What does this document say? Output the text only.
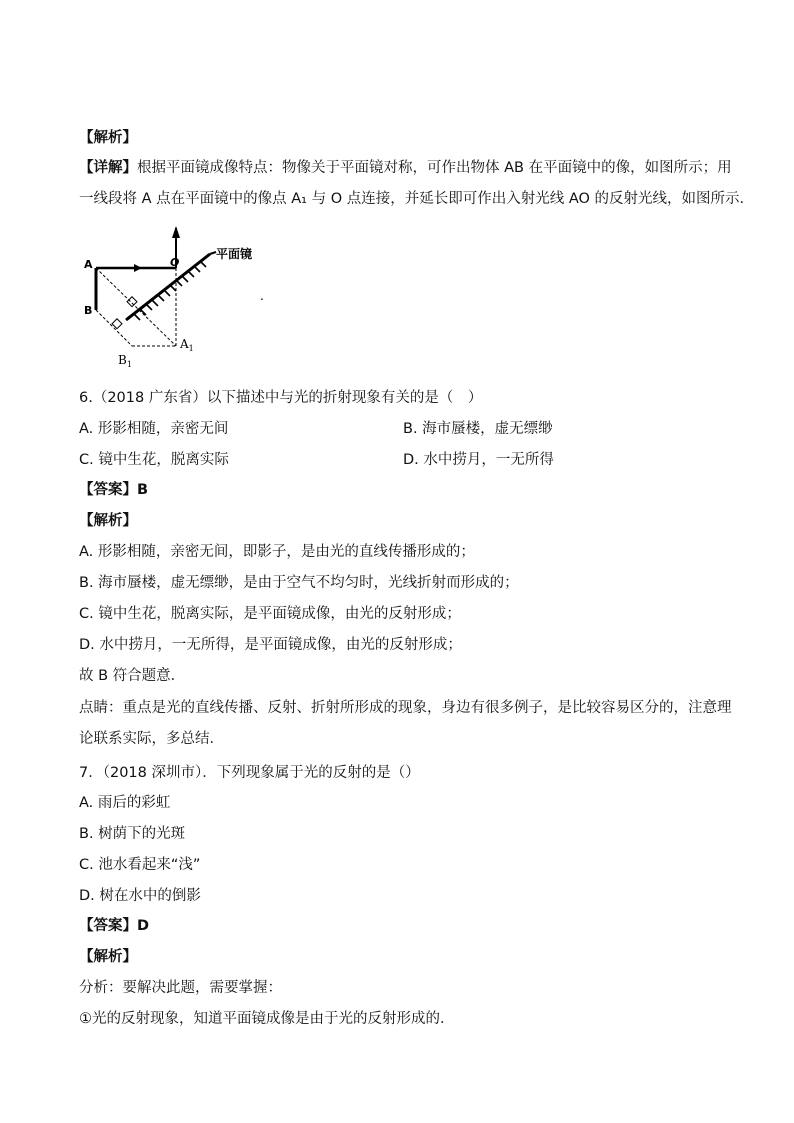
【解析】
【详解】根据平面镜成像特点：物像关于平面镜对称，可作出物体 AB 在平面镜中的像，如图所示；用
一线段将 A 点在平面镜中的像点 A₁ 与 O 点连接，并延长即可作出入射光线 AO 的反射光线，如图所示．
平面镜
A
B
O
$A_1$
$B_1$
.
6.（2018 广东省）以下描述中与光的折射现象有关的是（　）
A. 形影相随，亲密无间	B. 海市蜃楼，虚无缥缈
C. 镜中生花，脱离实际	D. 水中捞月，一无所得
【答案】B
【解析】
A. 形影相随，亲密无间，即影子，是由光的直线传播形成的；
B. 海市蜃楼，虚无缥缈，是由于空气不均匀时，光线折射而形成的；
C. 镜中生花，脱离实际，是平面镜成像，由光的反射形成；
D. 水中捞月，一无所得，是平面镜成像，由光的反射形成；
故 B 符合题意．
点睛：重点是光的直线传播、反射、折射所形成的现象，身边有很多例子，是比较容易区分的，注意理
论联系实际，多总结．
7．（2018 深圳市）．下列现象属于光的反射的是（）
A. 雨后的彩虹
B. 树荫下的光斑
C. 池水看起来“浅”
D. 树在水中的倒影
【答案】D
【解析】
分析：要解决此题，需要掌握：
①光的反射现象，知道平面镜成像是由于光的反射形成的．
